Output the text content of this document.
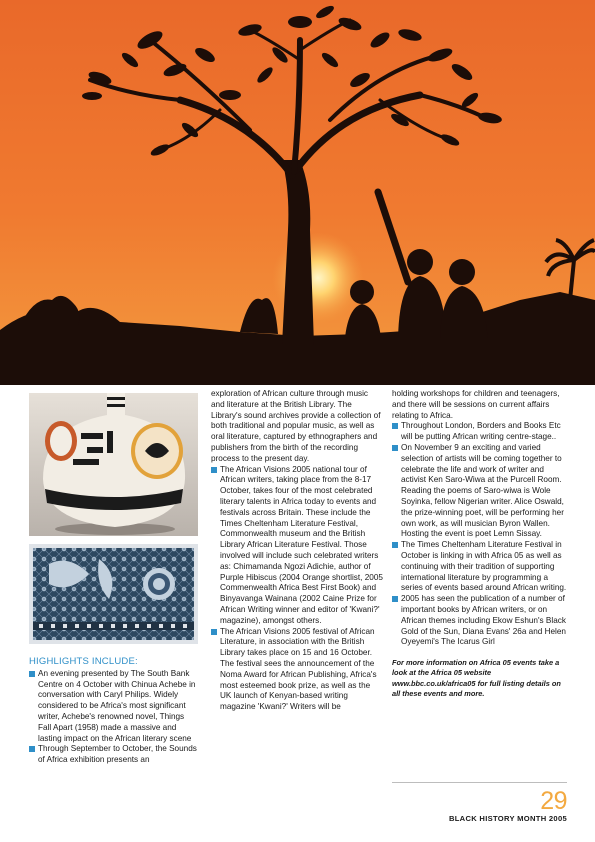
HIGHLIGHTS INCLUDE:
An evening presented by The South Bank Centre on 4 October with Chinua Achebe in conversation with Caryl Philips. Widely considered to be Africa's most significant writer, Achebe's renowned novel, Things Fall Apart (1958) made a massive and lasting impact on the African literary scene
Through September to October, the Sounds of Africa exhibition presents an

exploration of African culture through music and literature at the British Library. The Library's sound archives provide a collection of both traditional and popular music, as well as oral literature, captured by ethnographers and publishers from the birth of the recording process to the present day.

The African Visions 2005 national tour of African writers, taking place from the 8-17 October, takes four of the most celebrated literary talents in Africa today to events and festivals across Britain. These include the Times Cheltenham Literature Festival, Commonwealth museum and the British Library African Literature Festival. Those involved will include such celebrated writers as: Chimamanda Ngozi Adichie, author of Purple Hibiscus (2004 Orange shortlist, 2005 Commenwealth Africa Best First Book) and Binyavanga Wainana (2002 Caine Prize for African Writing winner and editor of 'Kwani?' magazine), amongst others.
The African Visions 2005 festival of African Literature, in association with the British Library takes place on 15 and 16 October. The festival sees the announcement of the Noma Award for African Publishing, Africa's most esteemed book prize, as well as the UK launch of Kenyan-based writing magazine 'Kwani?' Writers will be

holding workshops for children and teenagers, and there will be sessions on current affairs relating to Africa.

Throughout London, Borders and Books Etc will be putting African writing centre-stage..
On November 9 an exciting and varied selection of artists will be coming together to celebrate the life and work of writer and activist Ken Saro-Wiwa at the Purcell Room. Reading the poems of Saro-wiwa is Wole Soyinka, fellow Nigerian writer. Alice Oswald, the prize-winning poet, will be performing her own work, as will musician Byron Wallen. Hosting the event is poet Lemn Sissay.
The Times Cheltenham Literature Festival in October is linking in with Africa 05 as well as continuing with their tradition of supporting international literature by programming a series of events based around African writing.
2005 has seen the publication of a number of important books by African writers, or on African themes including Ekow Eshun's Black Gold of the Sun, Diana Evans' 26a and Helen Oyeyemi's The Icarus Girl

For more information on Africa 05 events take a look at the Africa 05 website www.bbc.co.uk/africa05 for full listing details on all these events and more.

29
BLACK HISTORY MONTH 2005
